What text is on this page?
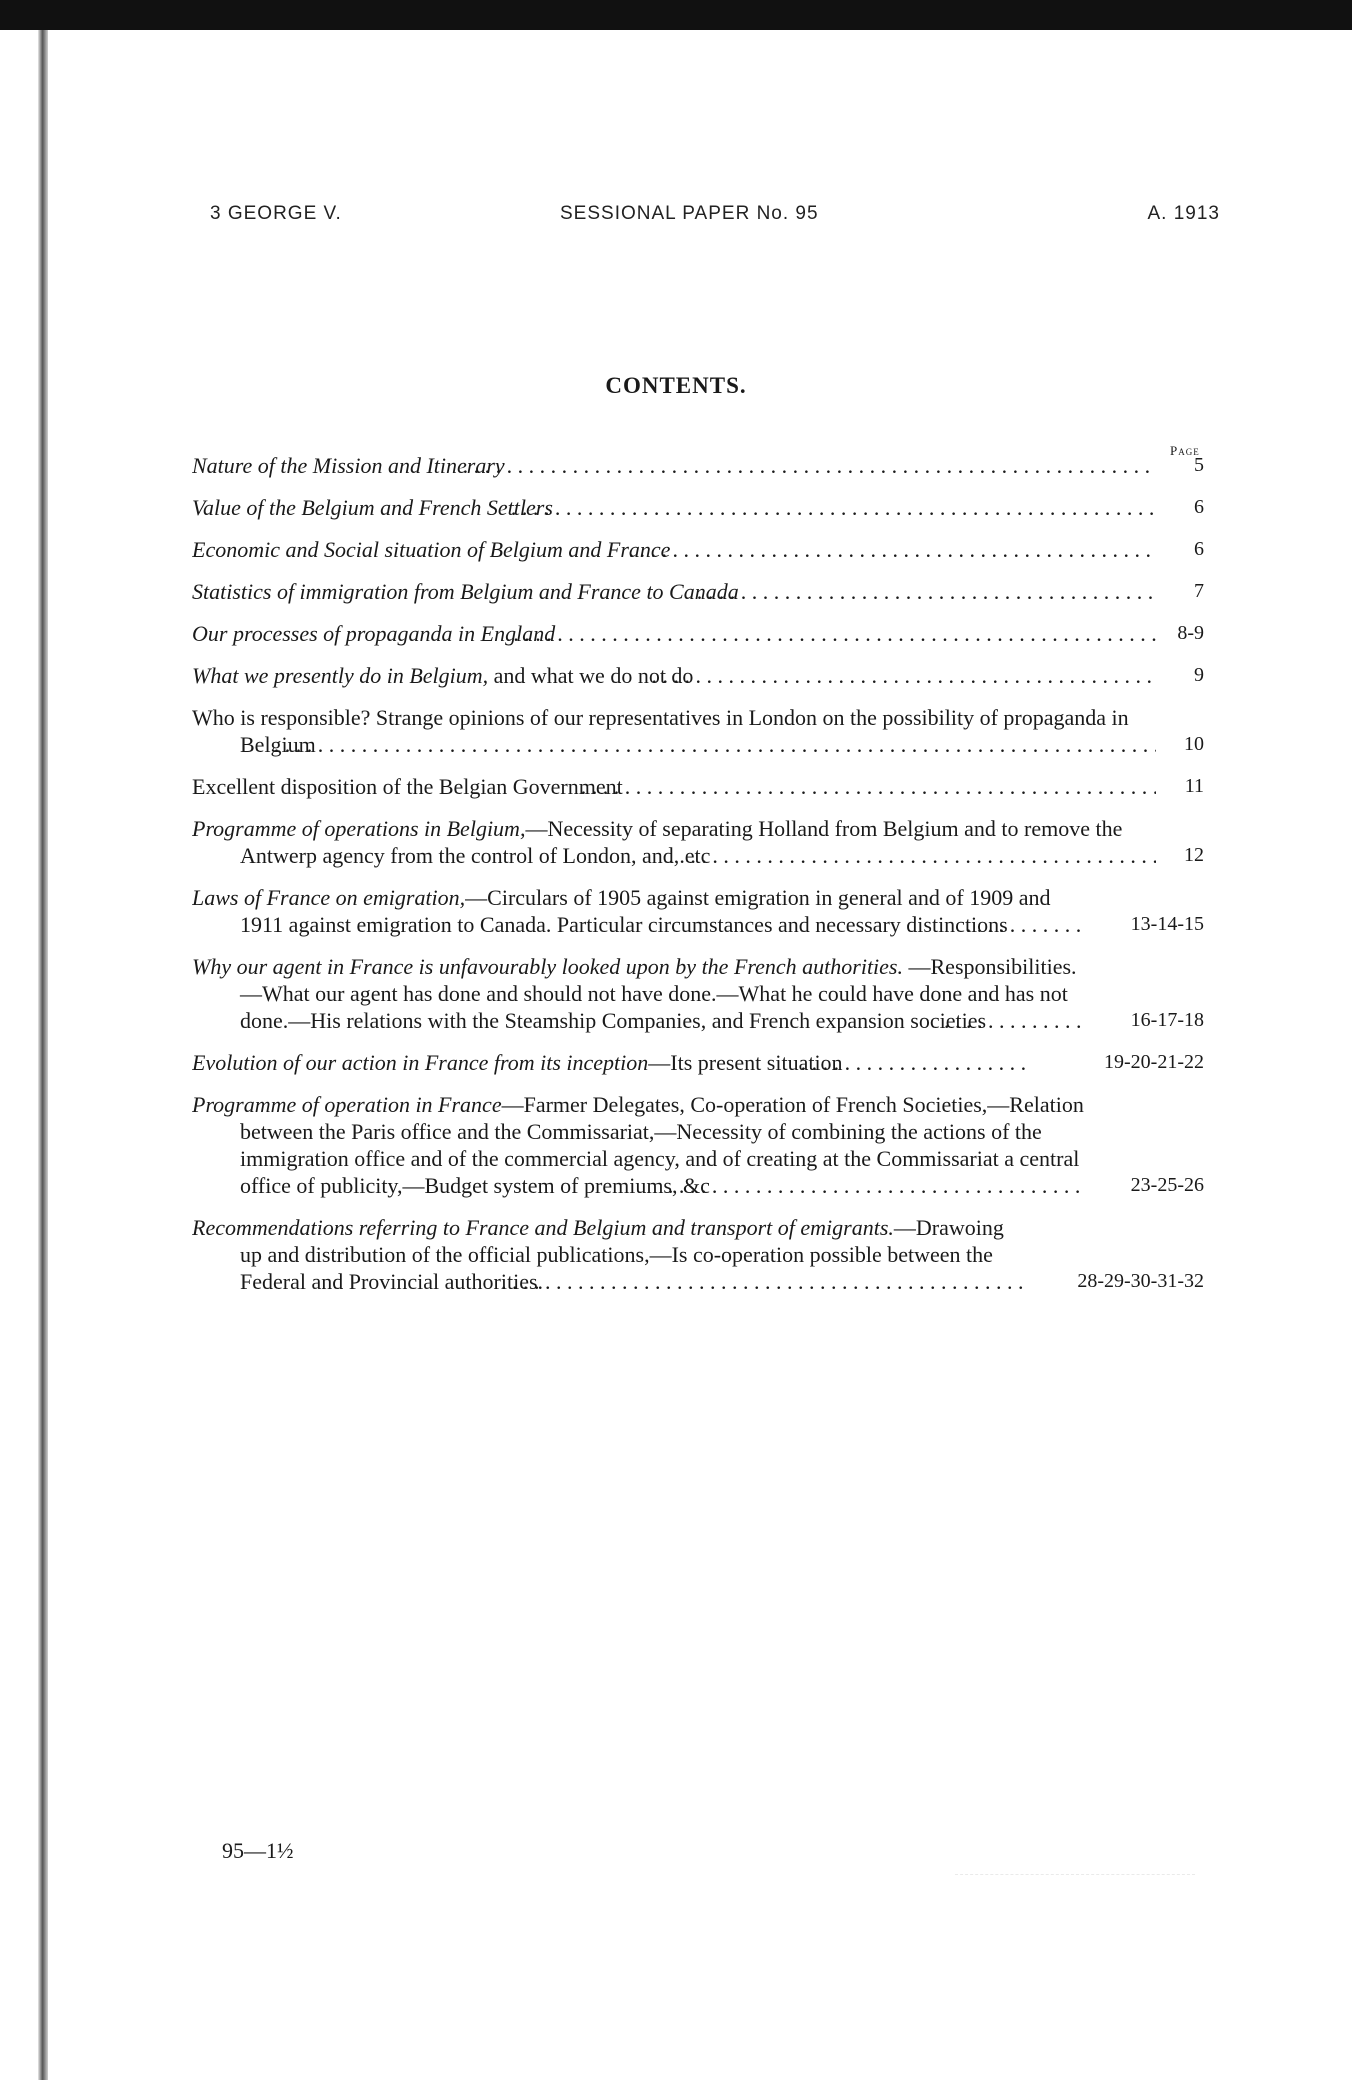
3 GEORGE V.	SESSIONAL PAPER No. 95	A. 1913
CONTENTS.
Page
Nature of the Mission and Itinerary . . .	5
Value of the Belgium and French Settlers . . .	6
Economic and Social situation of Belgium and France . . .	6
Statistics of immigration from Belgium and France to Canada . . .	7
Our processes of propaganda in England . . .	8-9
What we presently do in Belgium, and what we do not do . . .	9
Who is responsible? Strange opinions of our representatives in London on the possibility of propaganda in Belgium . . .	10
Excellent disposition of the Belgian Government . . .	11
Programme of operations in Belgium,—Necessity of separating Holland from Belgium and to remove the Antwerp agency from the control of London, and, etc . . .	12
Laws of France on emigration,—Circulars of 1905 against emigration in general and of 1909 and 1911 against emigration to Canada. Particular circumstances and necessary distinctions . . .	13-14-15
Why our agent in France is unfavourably looked upon by the French authorities. —Responsibilities.—What our agent has done and should not have done.—What he could have done and has not done.—His relations with the Steamship Companies, and French expansion societies . . .	16-17-18
Evolution of our action in France from its inception—Its present situation . . .	19-20-21-22
Programme of operation in France—Farmer Delegates, Co-operation of French Societies,—Relation between the Paris office and the Commissariat,—Necessity of combining the actions of the immigration office and of the commercial agency, and of creating at the Commissariat a central office of publicity,—Budget system of premiums, &c . . .	23-25-26
Recommendations referring to France and Belgium and transport of emigrants.—Drawoing up and distribution of the official publications,—Is co-operation possible between the Federal and Provincial authorities. . . .	28-29-30-31-32
95—1½
